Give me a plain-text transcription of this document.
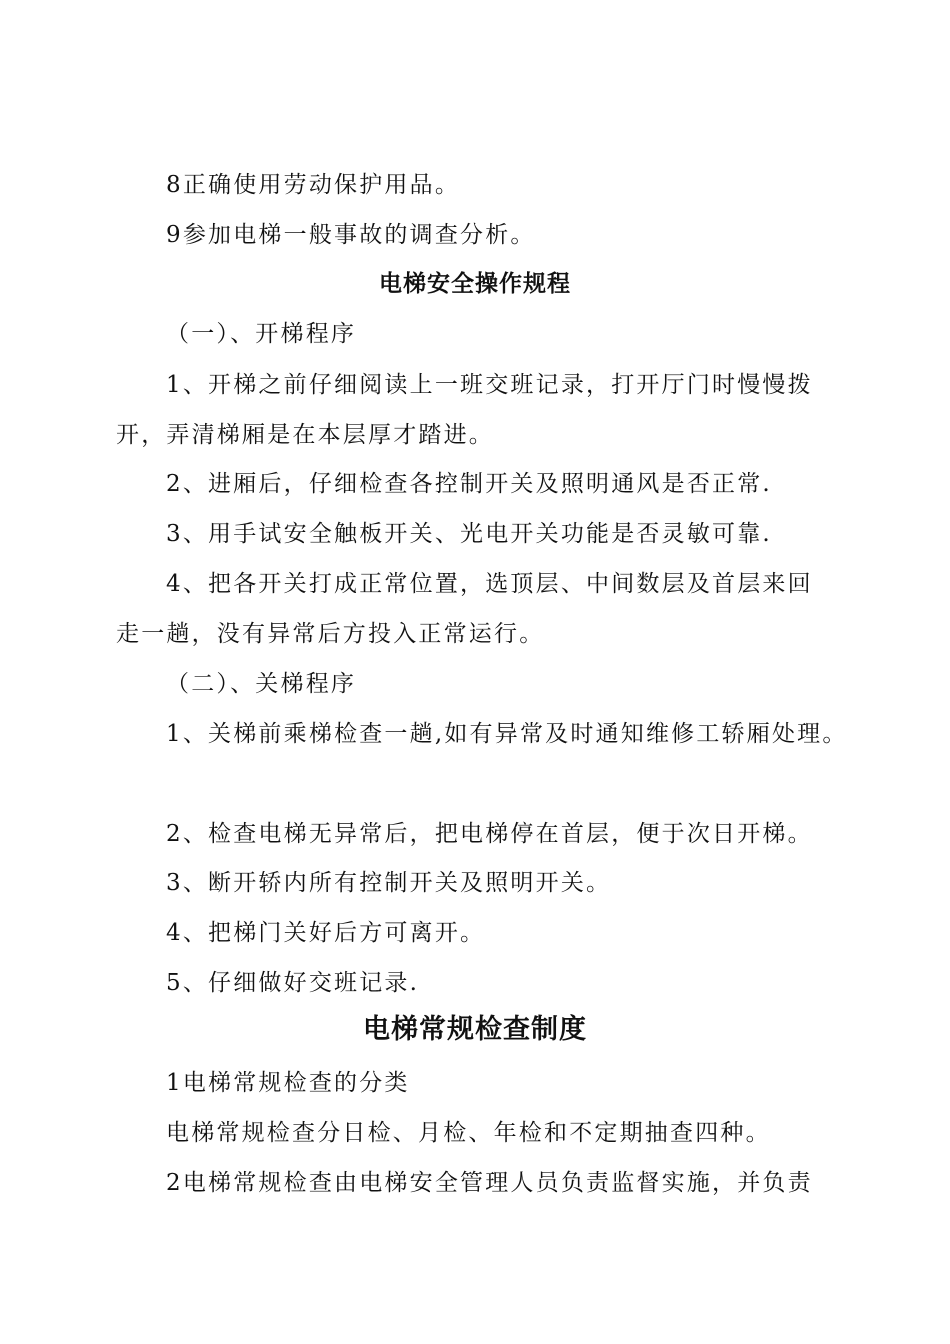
8正确使用劳动保护用品。
9参加电梯一般事故的调查分析。
电梯安全操作规程
（一）、开梯程序
1、开梯之前仔细阅读上一班交班记录，打开厅门时慢慢拨
开，弄清梯厢是在本层厚才踏进。
2、进厢后，仔细检查各控制开关及照明通风是否正常.
3、用手试安全触板开关、光电开关功能是否灵敏可靠.
4、把各开关打成正常位置，选顶层、中间数层及首层来回
走一趟，没有异常后方投入正常运行。
（二）、关梯程序
1、关梯前乘梯检查一趟,如有异常及时通知维修工轿厢处理。
2、检查电梯无异常后，把电梯停在首层，便于次日开梯。
3、断开轿内所有控制开关及照明开关。
4、把梯门关好后方可离开。
5、仔细做好交班记录.
电梯常规检查制度
1电梯常规检查的分类
电梯常规检查分日检、月检、年检和不定期抽查四种。
2电梯常规检查由电梯安全管理人员负责监督实施，并负责
